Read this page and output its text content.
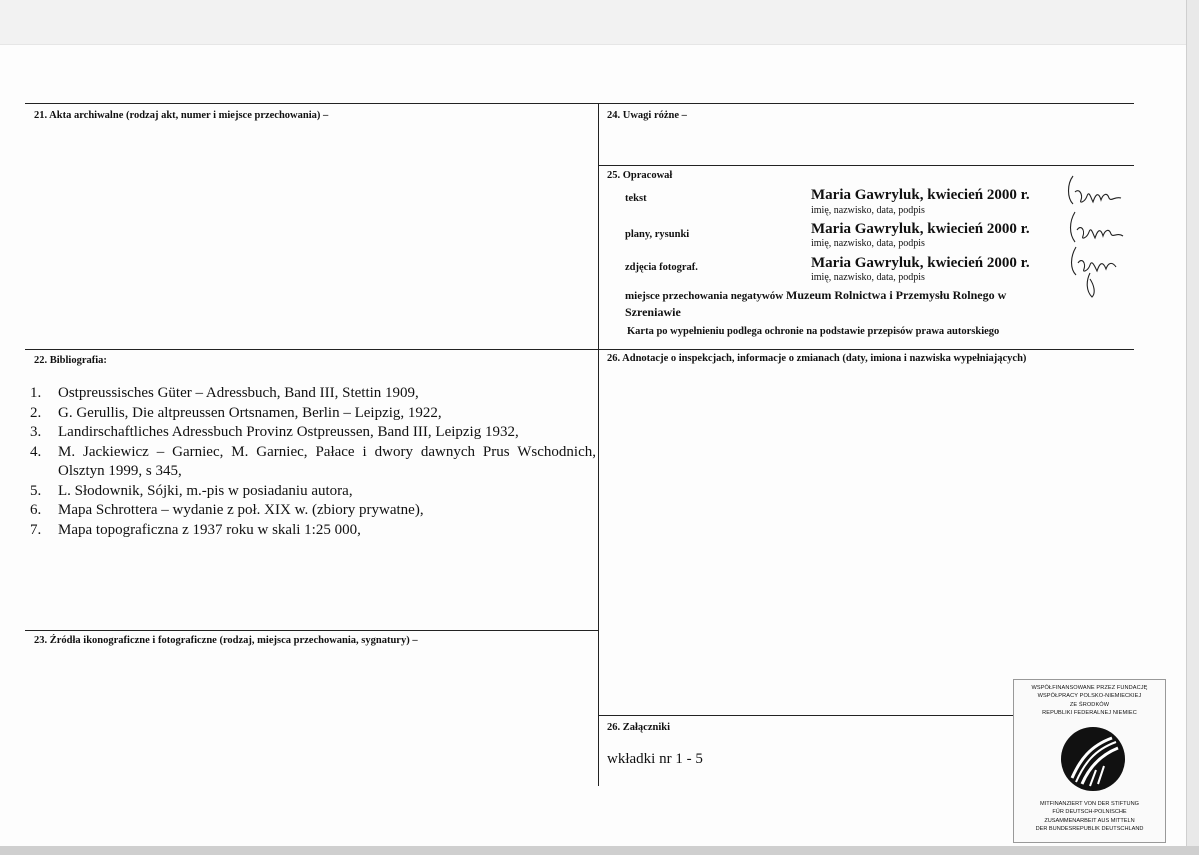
21. Akta archiwalne (rodzaj akt, numer i miejsce przechowania) –	24. Uwagi różne –
25. Opracował
tekst	Maria Gawryluk, kwiecień 2000 r.
imię, nazwisko, data, podpis
plany, rysunki	Maria Gawryluk, kwiecień 2000 r.
imię, nazwisko, data, podpis
zdjęcia fotograf.	Maria Gawryluk, kwiecień 2000 r.
imię, nazwisko, data, podpis
miejsce przechowania negatywów Muzeum Rolnictwa i Przemysłu Rolnego w
Szreniawie
Karta po wypełnieniu podlega ochronie na podstawie przepisów prawa autorskiego
22. Bibliografia:
1. Ostpreussisches Güter – Adressbuch, Band III, Stettin 1909,
2. G. Gerullis, Die altpreussen Ortsnamen, Berlin – Leipzig, 1922,
3. Landirschaftliches Adressbuch Provinz Ostpreussen, Band III, Leipzig 1932,
4. M. Jackiewicz – Garniec, M. Garniec, Pałace i dwory dawnych Prus Wschodnich, Olsztyn 1999, s 345,
5. L. Słodownik, Sójki, m.-pis w posiadaniu autora,
6. Mapa Schrottera – wydanie z poł. XIX w. (zbiory prywatne),
7. Mapa topograficzna z 1937 roku w skali 1:25 000,
26. Adnotacje o inspekcjach, informacje o zmianach (daty, imiona i nazwiska wypełniających)
23. Źródła ikonograficzne i fotograficzne (rodzaj, miejsca przechowania, sygnatury) –
26. Załączniki
wkładki nr 1 - 5
WSPÓŁFINANSOWANE PRZEZ FUNDACJĘ
WSPÓŁPRACY POLSKO-NIEMIECKIEJ
ZE ŚRODKÓW
REPUBLIKI FEDERALNEJ NIEMIEC
MITFINANZIERT VON DER STIFTUNG
FÜR DEUTSCH-POLNISCHE
ZUSAMMENARBEIT AUS MITTELN
DER BUNDESREPUBLIK DEUTSCHLAND
